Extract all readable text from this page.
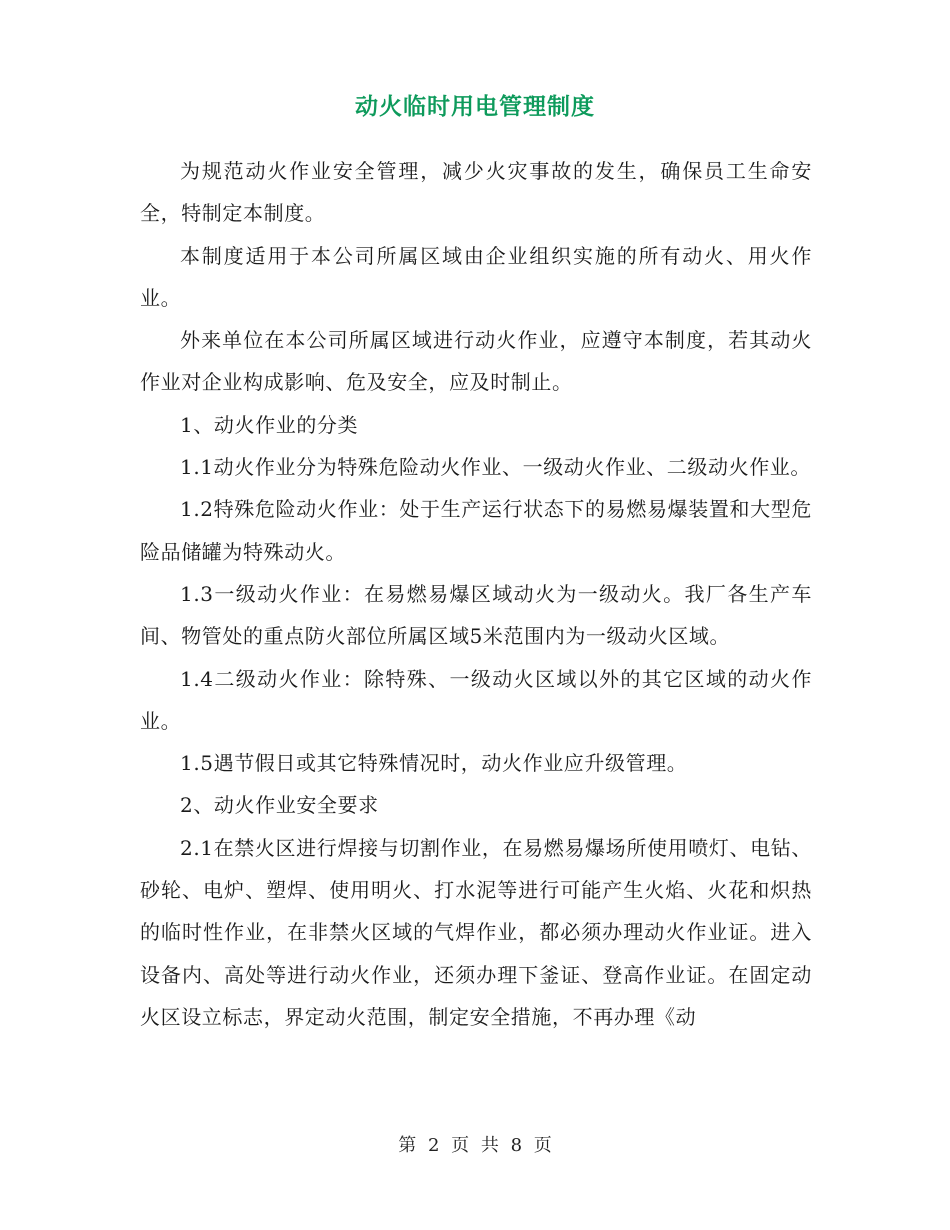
动火临时用电管理制度

为规范动火作业安全管理，减少火灾事故的发生，确保员工生命安全，特制定本制度。

本制度适用于本公司所属区域由企业组织实施的所有动火、用火作业。

外来单位在本公司所属区域进行动火作业，应遵守本制度，若其动火作业对企业构成影响、危及安全，应及时制止。

1、动火作业的分类

1.1动火作业分为特殊危险动火作业、一级动火作业、二级动火作业。

1.2特殊危险动火作业：处于生产运行状态下的易燃易爆装置和大型危险品储罐为特殊动火。

1.3一级动火作业：在易燃易爆区域动火为一级动火。我厂各生产车间、物管处的重点防火部位所属区域5米范围内为一级动火区域。

1.4二级动火作业：除特殊、一级动火区域以外的其它区域的动火作业。

1.5遇节假日或其它特殊情况时，动火作业应升级管理。

2、动火作业安全要求

2.1在禁火区进行焊接与切割作业，在易燃易爆场所使用喷灯、电钻、砂轮、电炉、塑焊、使用明火、打水泥等进行可能产生火焰、火花和炽热的临时性作业，在非禁火区域的气焊作业，都必须办理动火作业证。进入设备内、高处等进行动火作业，还须办理下釜证、登高作业证。在固定动火区设立标志，界定动火范围，制定安全措施，不再办理《动

第 2 页 共 8 页
